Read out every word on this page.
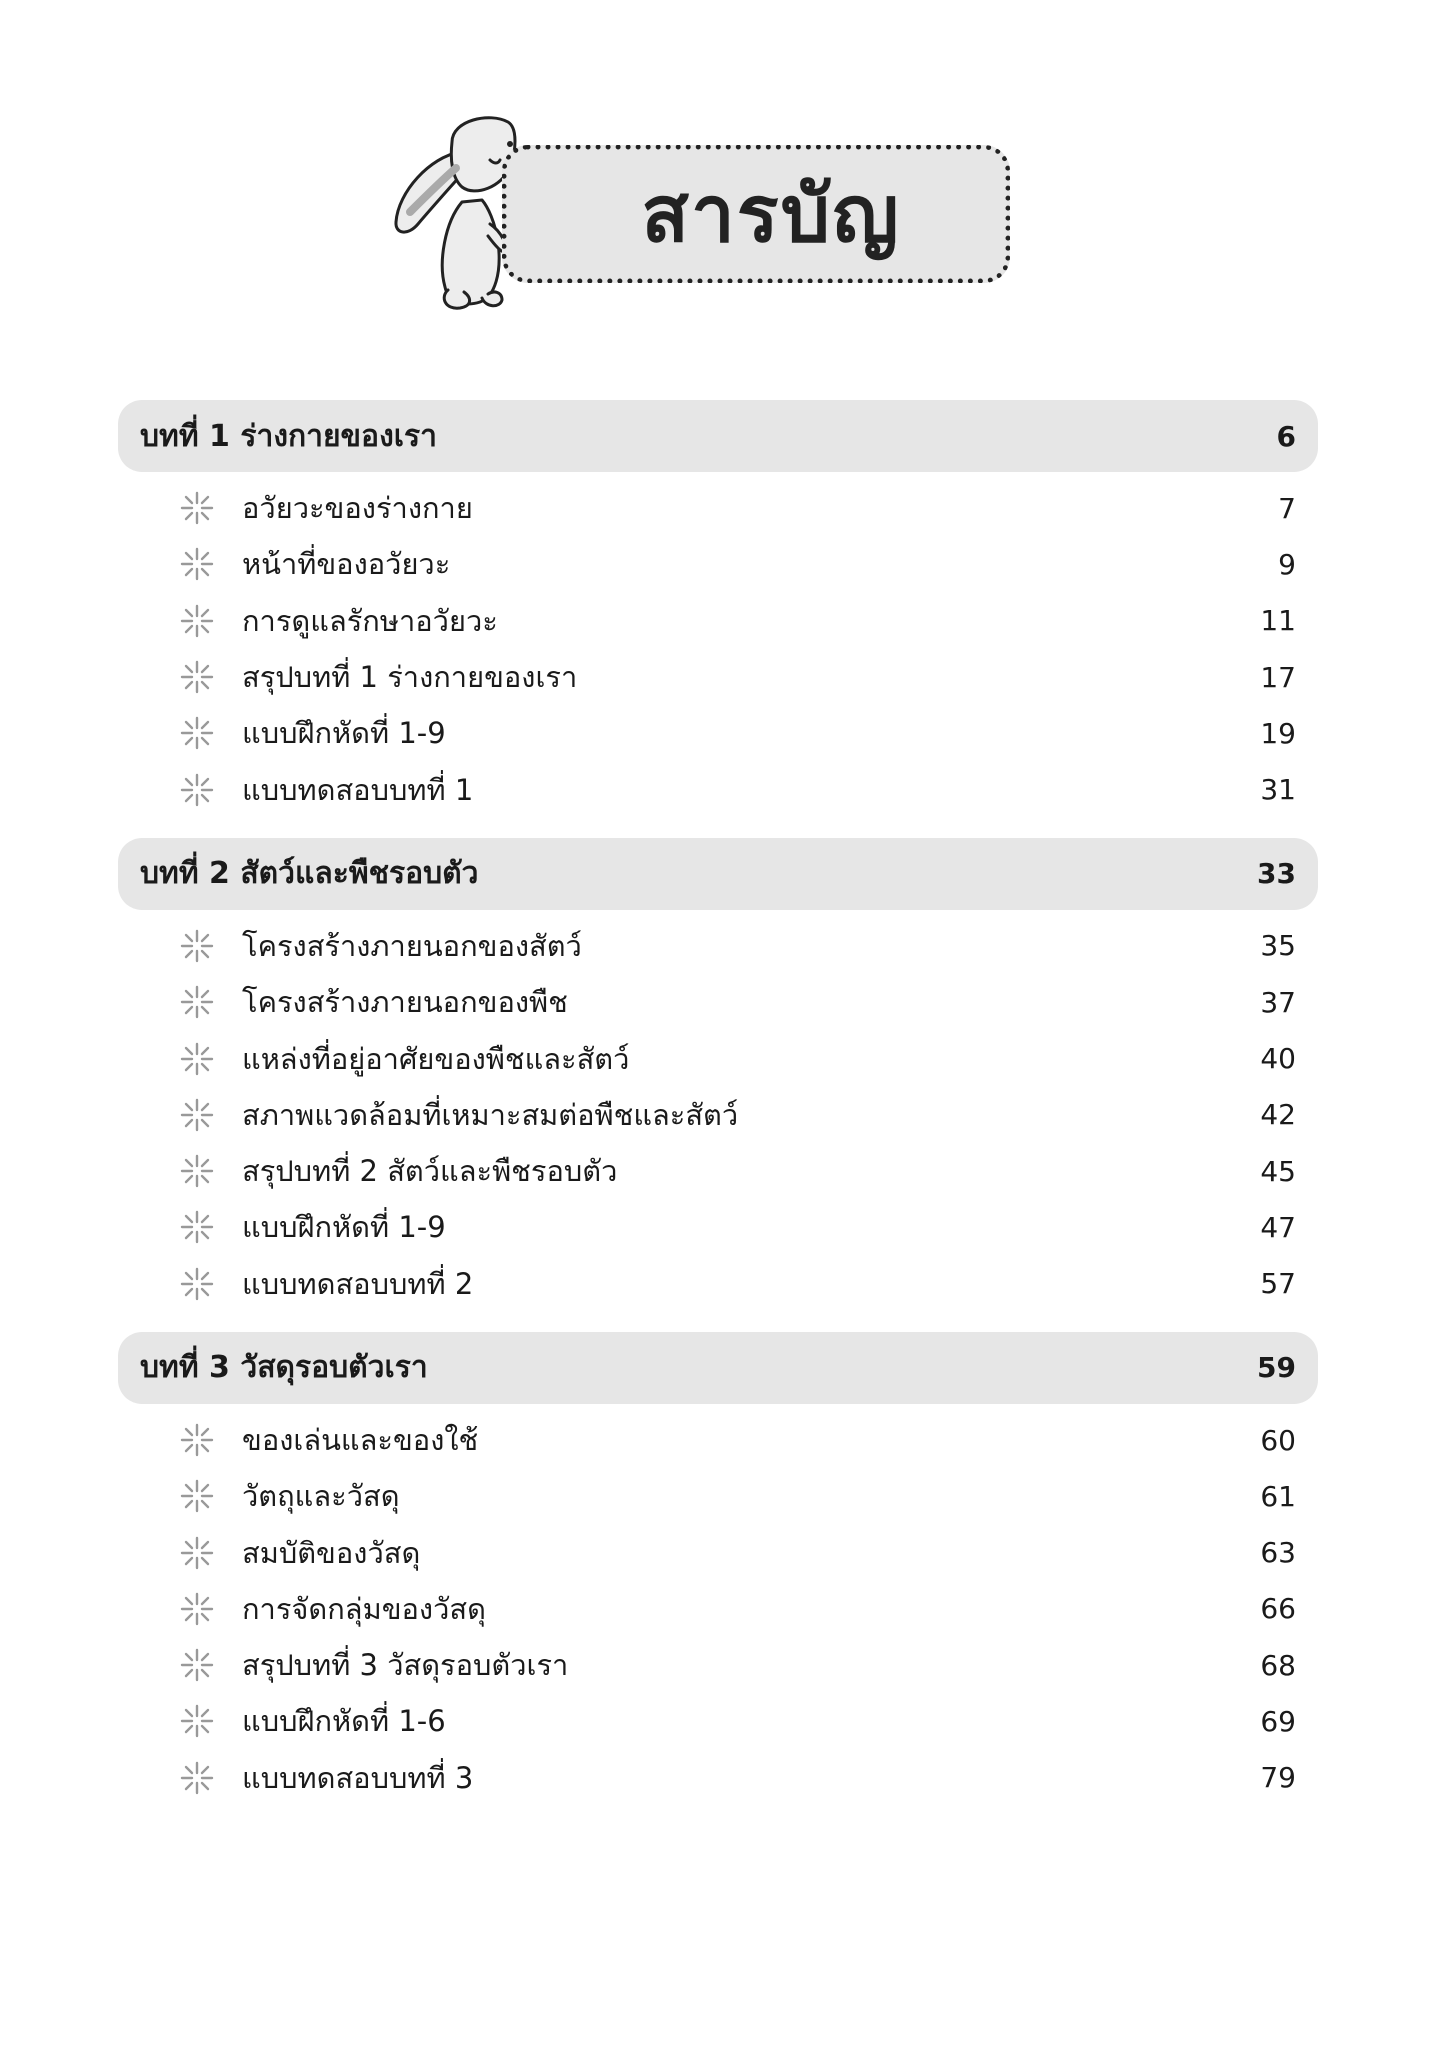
สารบัญ
บทที่ 1 ร่างกายของเรา	6
อวัยวะของร่างกาย	7
หน้าที่ของอวัยวะ	9
การดูแลรักษาอวัยวะ	11
สรุปบทที่ 1 ร่างกายของเรา	17
แบบฝึกหัดที่ 1-9	19
แบบทดสอบบทที่ 1	31
บทที่ 2 สัตว์และพืชรอบตัว	33
โครงสร้างภายนอกของสัตว์	35
โครงสร้างภายนอกของพืช	37
แหล่งที่อยู่อาศัยของพืชและสัตว์	40
สภาพแวดล้อมที่เหมาะสมต่อพืชและสัตว์	42
สรุปบทที่ 2 สัตว์และพืชรอบตัว	45
แบบฝึกหัดที่ 1-9	47
แบบทดสอบบทที่ 2	57
บทที่ 3 วัสดุรอบตัวเรา	59
ของเล่นและของใช้	60
วัตถุและวัสดุ	61
สมบัติของวัสดุ	63
การจัดกลุ่มของวัสดุ	66
สรุปบทที่ 3 วัสดุรอบตัวเรา	68
แบบฝึกหัดที่ 1-6	69
แบบทดสอบบทที่ 3	79
